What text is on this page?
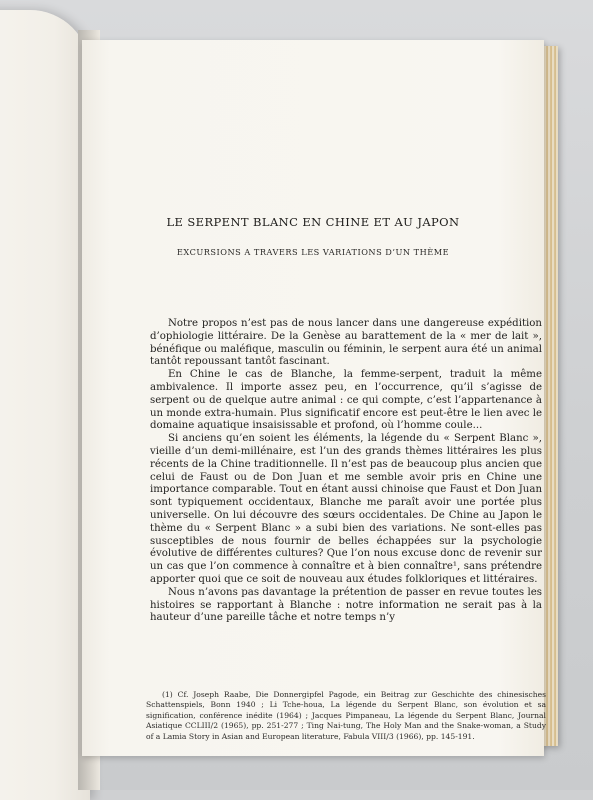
LE SERPENT BLANC EN CHINE ET AU JAPON
EXCURSIONS A TRAVERS LES VARIATIONS D’UN THÈME

Notre propos n’est pas de nous lancer dans une dangereuse expédition d’ophiologie littéraire. De la Genèse au barattement de la « mer de lait », bénéfique ou maléfique, masculin ou féminin, le serpent aura été un animal tantôt repoussant tantôt fascinant.

En Chine le cas de Blanche, la femme-serpent, traduit la même ambivalence. Il importe assez peu, en l’occurrence, qu’il s’agisse de serpent ou de quelque autre animal : ce qui compte, c’est l’appartenance à un monde extra-humain. Plus significatif encore est peut-être le lien avec le domaine aquatique insaisissable et profond, où l’homme coule...

Si anciens qu’en soient les éléments, la légende du « Serpent Blanc », vieille d’un demi-millénaire, est l’un des grands thèmes littéraires les plus récents de la Chine traditionnelle. Il n’est pas de beaucoup plus ancien que celui de Faust ou de Don Juan et me semble avoir pris en Chine une importance comparable. Tout en étant aussi chinoise que Faust et Don Juan sont typiquement occidentaux, Blanche me paraît avoir une portée plus universelle. On lui découvre des sœurs occidentales. De Chine au Japon le thème du « Serpent Blanc » a subi bien des variations. Ne sont-elles pas susceptibles de nous fournir de belles échappées sur la psychologie évolutive de différentes cultures? Que l’on nous excuse donc de revenir sur un cas que l’on commence à connaître et à bien connaître¹, sans prétendre apporter quoi que ce soit de nouveau aux études folkloriques et littéraires.

Nous n’avons pas davantage la prétention de passer en revue toutes les histoires se rapportant à Blanche : notre information ne serait pas à la hauteur d’une pareille tâche et notre temps n’y

(1) Cf. Joseph Raabe, Die Donnergipfel Pagode, ein Beitrag zur Geschichte des chinesisches Schattenspiels, Bonn 1940 ; Li Tche-houa, La légende du Serpent Blanc, son évolution et sa signification, conférence inédite (1964) ; Jacques Pimpaneau, La légende du Serpent Blanc, Journal Asiatique CCLIII/2 (1965), pp. 251-277 ; Ting Nai-tung, The Holy Man and the Snake-woman, a Study of a Lamia Story in Asian and European literature, Fabula VIII/3 (1966), pp. 145-191.
